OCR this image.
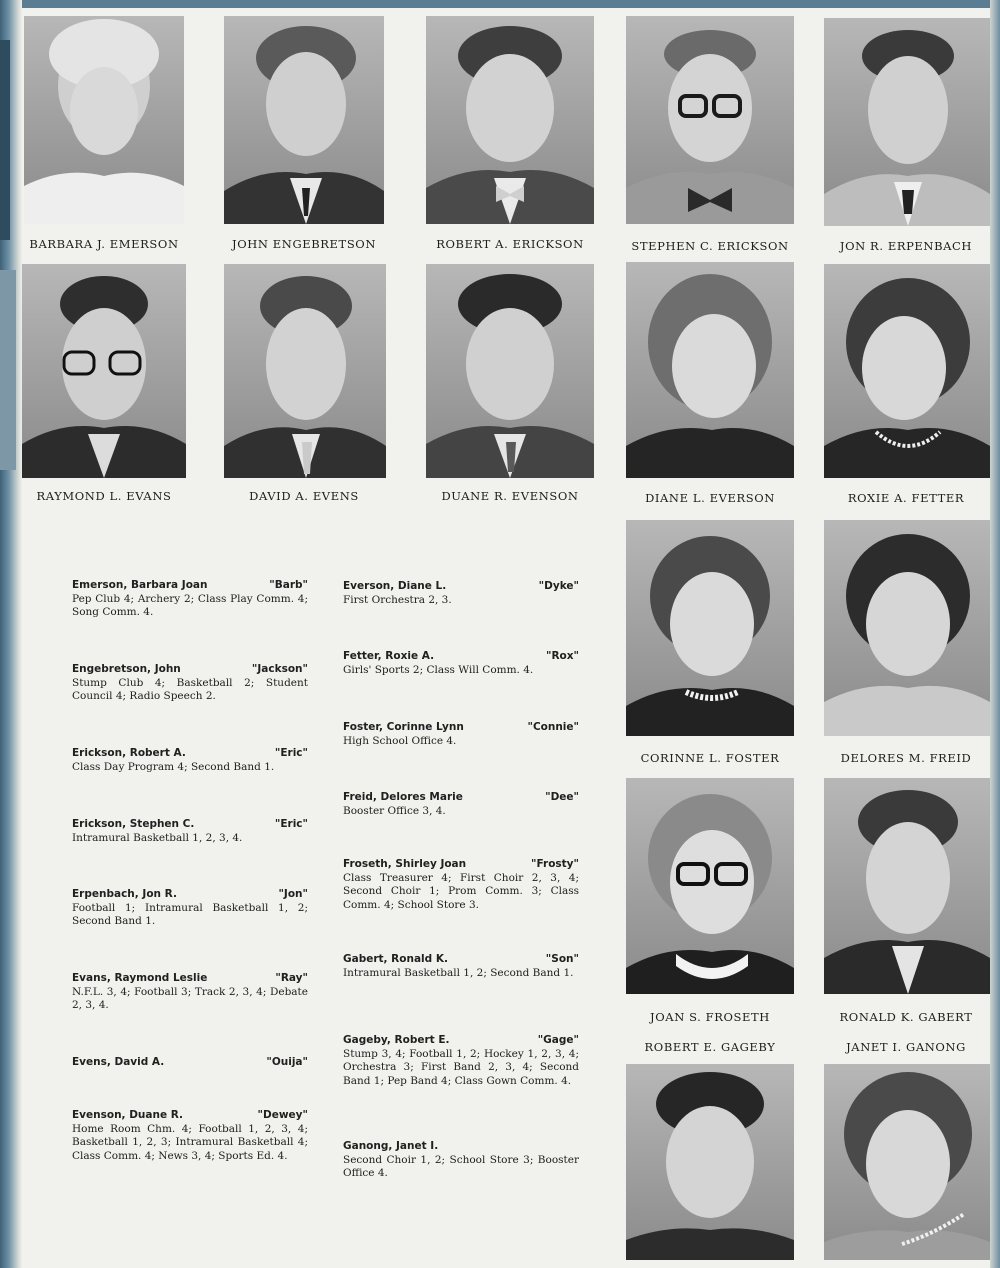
BARBARA J. EMERSON	JOHN ENGEBRETSON	ROBERT A. ERICKSON	STEPHEN C. ERICKSON	JON R. ERPENBACH
RAYMOND L. EVANS	DAVID A. EVENS	DUANE R. EVENSON	DIANE L. EVERSON	ROXIE A. FETTER
CORINNE L. FOSTER	DELORES M. FREID
JOAN S. FROSETH	RONALD K. GABERT
ROBERT E. GAGEBY	JANET I. GANONG
Emerson, Barbara Joan	"Barb"
Pep Club 4; Archery 2; Class Play Comm. 4; Song Comm. 4.
Engebretson, John	"Jackson"
Stump Club 4; Basketball 2; Student Council 4; Radio Speech 2.
Erickson, Robert A.	"Eric"
Class Day Program 4; Second Band 1.
Erickson, Stephen C.	"Eric"
Intramural Basketball 1, 2, 3, 4.
Erpenbach, Jon R.	"Jon"
Football 1; Intramural Basketball 1, 2; Second Band 1.
Evans, Raymond Leslie	"Ray"
N.F.L. 3, 4; Football 3; Track 2, 3, 4; Debate 2, 3, 4.
Evens, David A.	"Ouija"
Evenson, Duane R.	"Dewey"
Home Room Chm. 4; Football 1, 2, 3, 4; Basketball 1, 2, 3; Intramural Basketball 4; Class Comm. 4; News 3, 4; Sports Ed. 4.
Everson, Diane L.	"Dyke"
First Orchestra 2, 3.
Fetter, Roxie A.	"Rox"
Girls' Sports 2; Class Will Comm. 4.
Foster, Corinne Lynn	"Connie"
High School Office 4.
Freid, Delores Marie	"Dee"
Booster Office 3, 4.
Froseth, Shirley Joan	"Frosty"
Class Treasurer 4; First Choir 2, 3, 4; Second Choir 1; Prom Comm. 3; Class Comm. 4; School Store 3.
Gabert, Ronald K.	"Son"
Intramural Basketball 1, 2; Second Band 1.
Gageby, Robert E.	"Gage"
Stump 3, 4; Football 1, 2; Hockey 1, 2, 3, 4; Orchestra 3; First Band 2, 3, 4; Second Band 1; Pep Band 4; Class Gown Comm. 4.
Ganong, Janet I.
Second Choir 1, 2; School Store 3; Booster Office 4.
